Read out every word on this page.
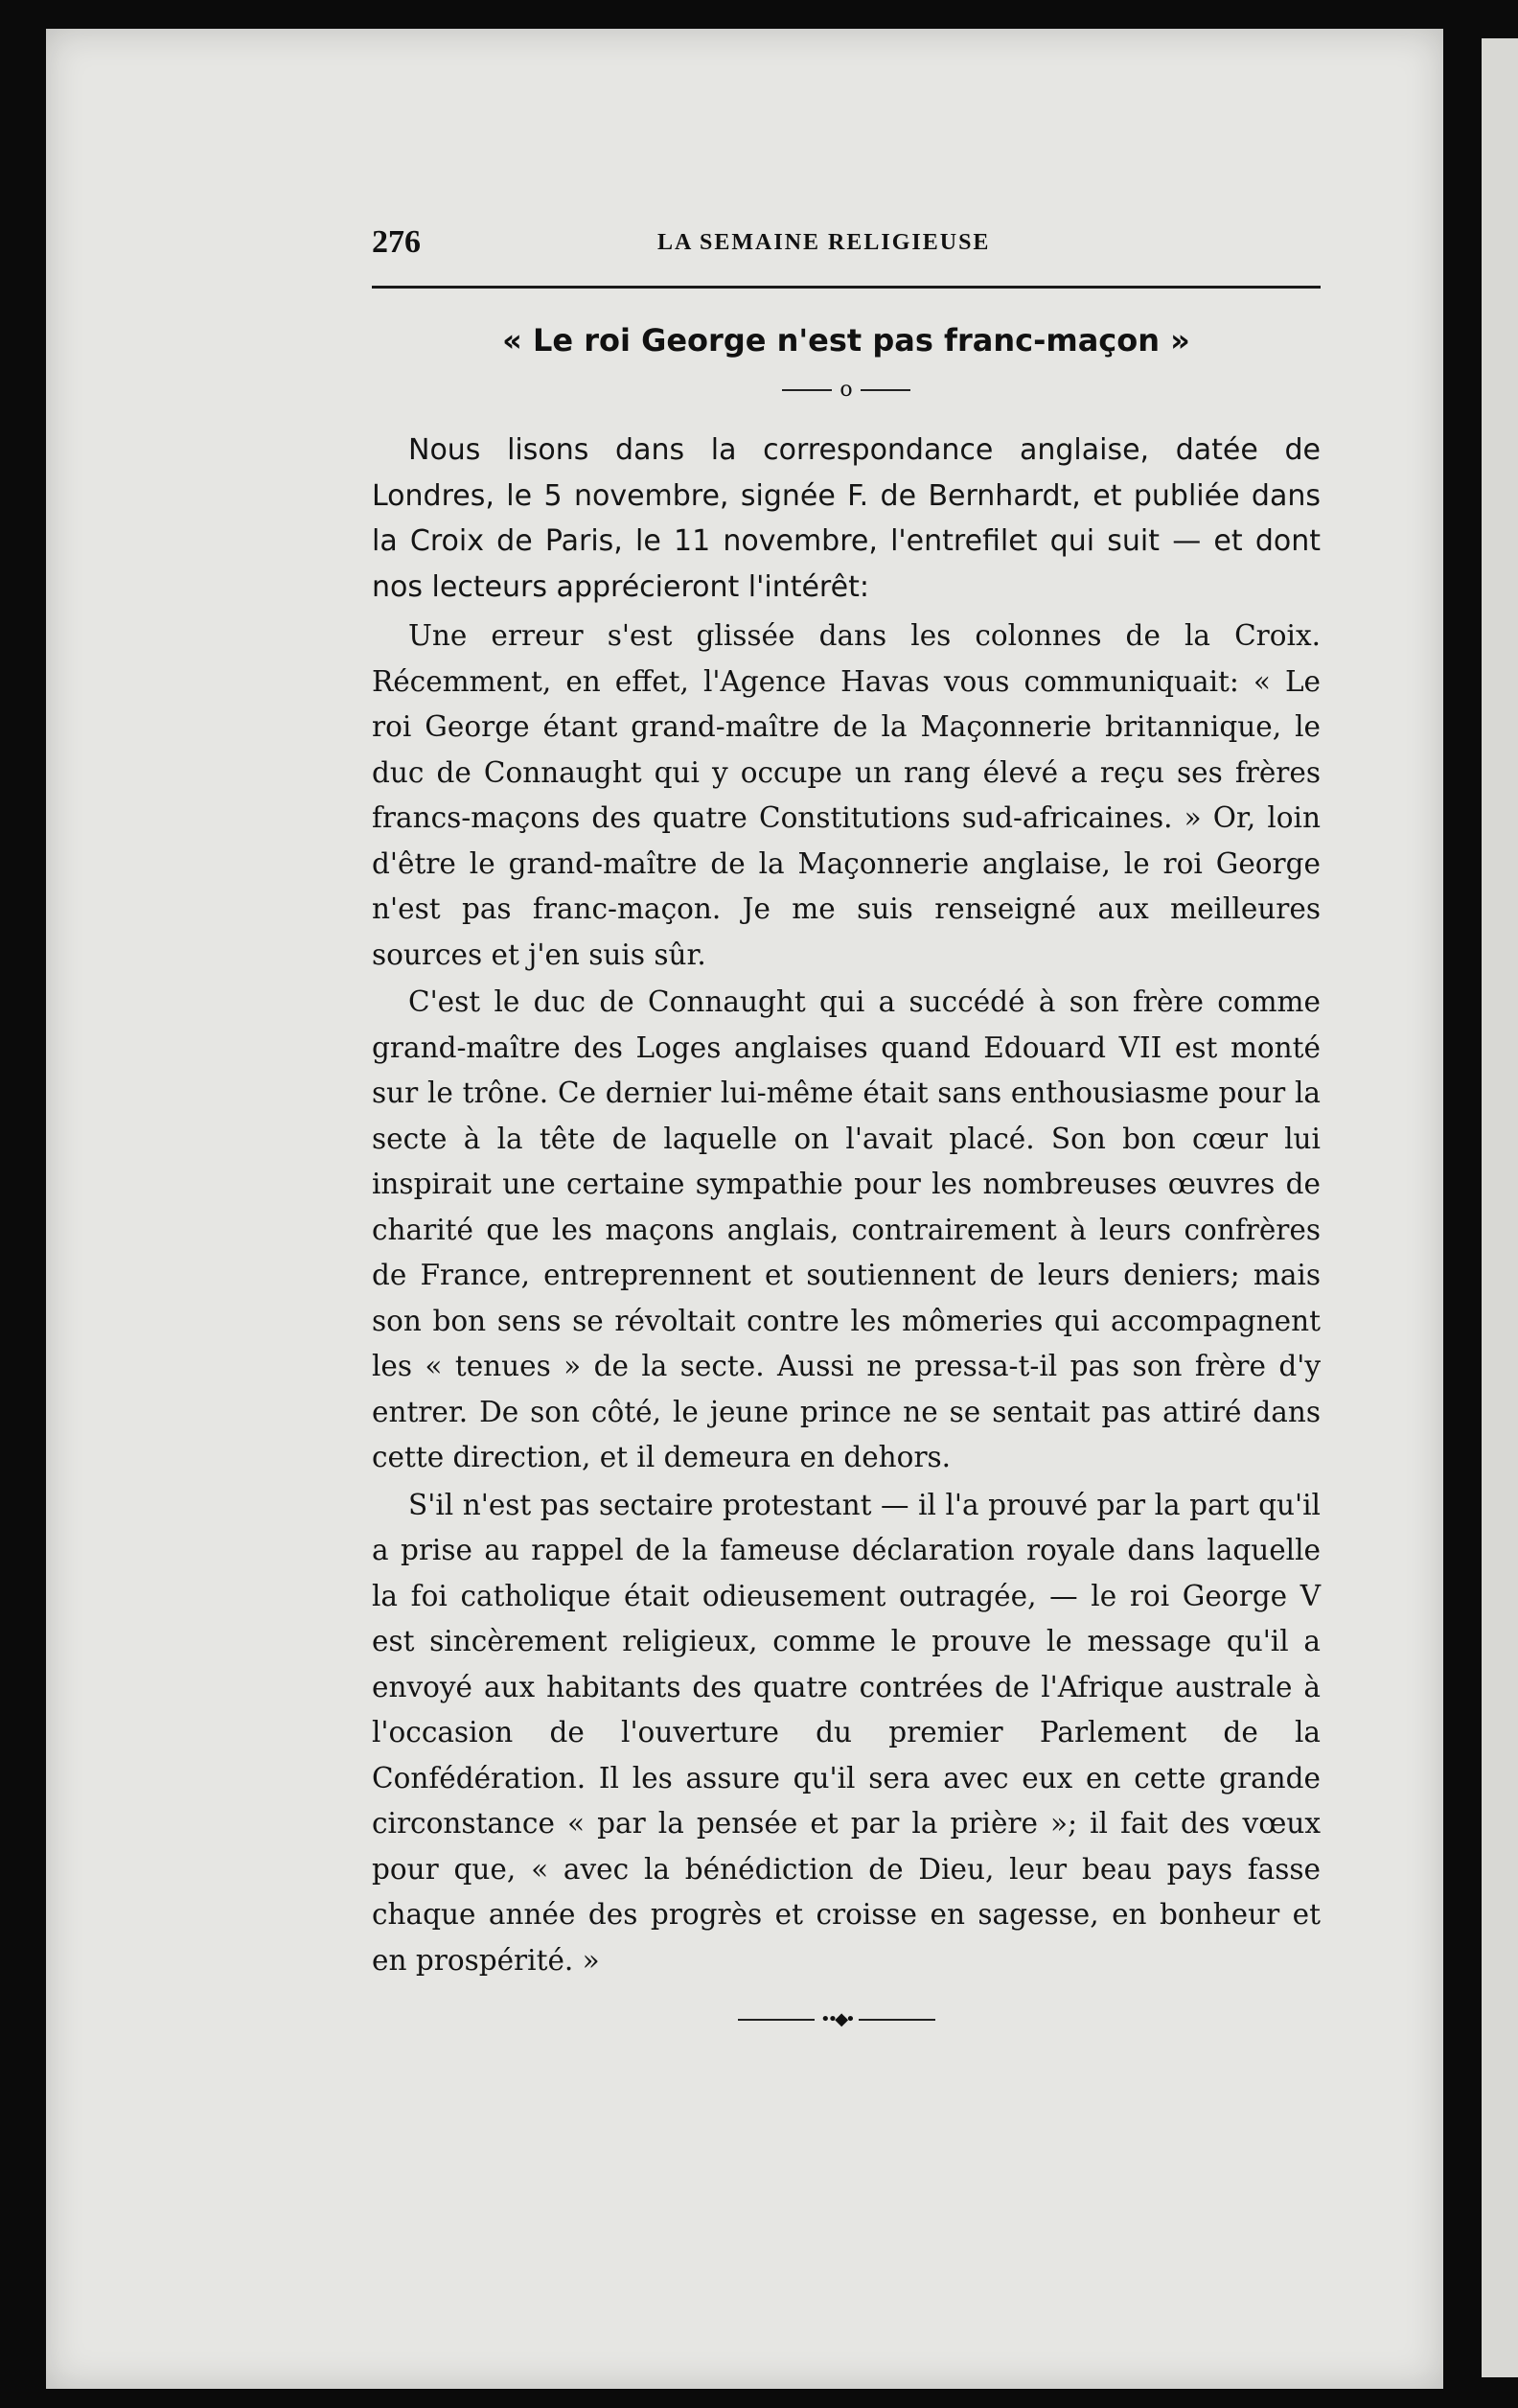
276	LA SEMAINE RELIGIEUSE
« Le roi George n'est pas franc-maçon »
o

Nous lisons dans la correspondance anglaise, datée de Londres, le 5 novembre, signée F. de Bernhardt, et publiée dans la Croix de Paris, le 11 novembre, l'entrefilet qui suit — et dont nos lecteurs apprécieront l'intérêt:

Une erreur s'est glissée dans les colonnes de la Croix. Récemment, en effet, l'Agence Havas vous communiquait: « Le roi George étant grand-maître de la Maçonnerie britannique, le duc de Connaught qui y occupe un rang élevé a reçu ses frères francs-maçons des quatre Constitutions sud-africaines. » Or, loin d'être le grand-maître de la Maçonnerie anglaise, le roi George n'est pas franc-maçon. Je me suis renseigné aux meilleures sources et j'en suis sûr.

C'est le duc de Connaught qui a succédé à son frère comme grand-maître des Loges anglaises quand Edouard VII est monté sur le trône. Ce dernier lui-même était sans enthousiasme pour la secte à la tête de laquelle on l'avait placé. Son bon cœur lui inspirait une certaine sympathie pour les nombreuses œuvres de charité que les maçons anglais, contrairement à leurs confrères de France, entreprennent et soutiennent de leurs deniers; mais son bon sens se révoltait contre les mômeries qui accompagnent les « tenues » de la secte. Aussi ne pressa-t-il pas son frère d'y entrer. De son côté, le jeune prince ne se sentait pas attiré dans cette direction, et il demeura en dehors.

S'il n'est pas sectaire protestant — il l'a prouvé par la part qu'il a prise au rappel de la fameuse déclaration royale dans laquelle la foi catholique était odieusement outragée, — le roi George V est sincèrement religieux, comme le prouve le message qu'il a envoyé aux habitants des quatre contrées de l'Afrique australe à l'occasion de l'ouverture du premier Parlement de la Confédération. Il les assure qu'il sera avec eux en cette grande circonstance « par la pensée et par la prière »; il fait des vœux pour que, « avec la bénédiction de Dieu, leur beau pays fasse chaque année des progrès et croisse en sagesse, en bonheur et en prospérité. »

••◆•
